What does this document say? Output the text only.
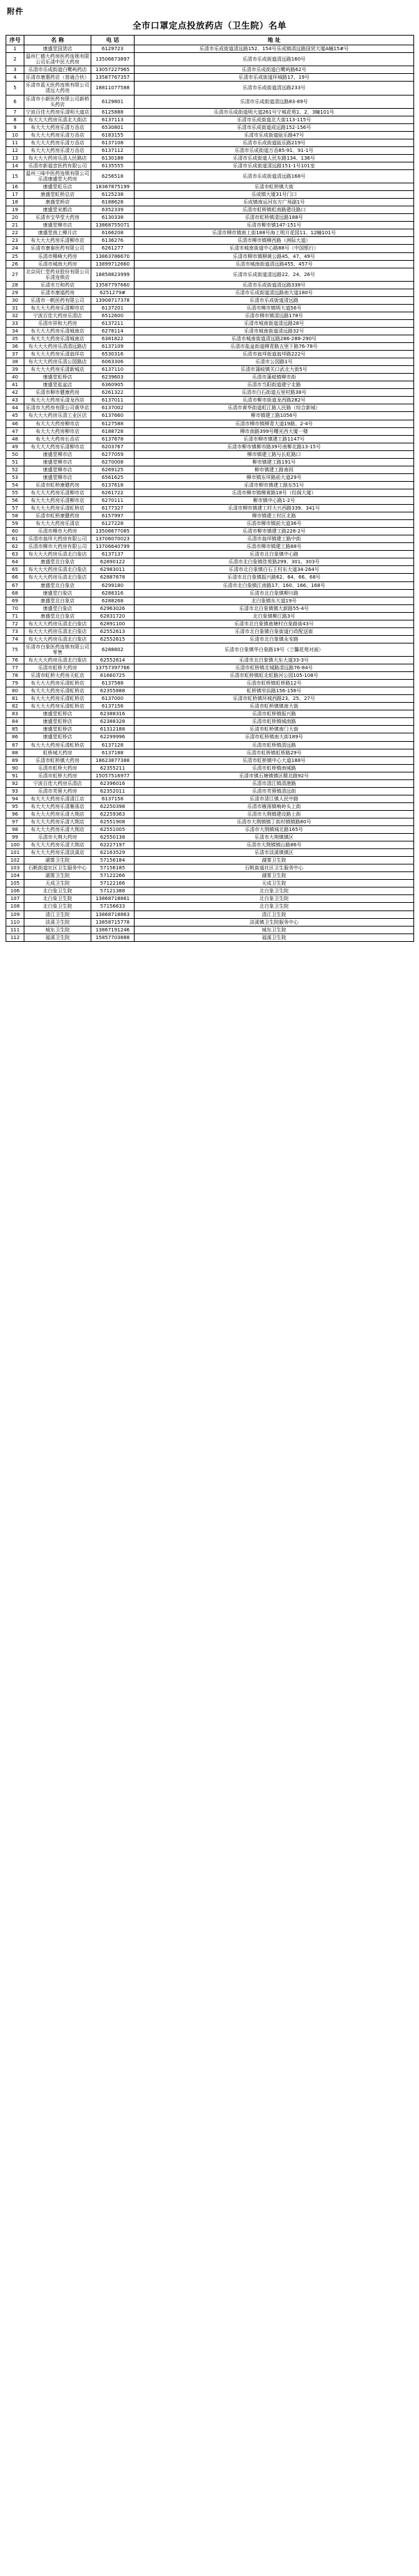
附件
全市口罩定点投放药店（卫生院）名单
序号	名 称	电 话	地 址
1	康盛堂国货店	6129723	乐清市乐成街道清远路152、154号乐成镇清远路国贸大厦A幢15#号
2	温州仁德大药房医药连锁有限公司乐清中民大药房	13506673897	乐清市乐成街道清远路160号
3	乐清市乐成街道白鹭屿药店	13057227965	乐清市乐成街道白鹭屿路62号
4	乐清市康惠药店（普通合伙）	13587767357	乐清市乐成街道环城路17、19号
5	乐清市蓝天医药连锁有限公司清远大药房	18811077588	乐清市乐成街道清远路233号
6	乐清市小新医药有限公司新桥头药店	6129801	乐清市乐成街道清远路83-89号
7	宁波百佳大药房乐清明大道店	6125888	乐清市乐成街道明大道261号宁城花苑1、2、3幢101号
8	布大大大药房乐清北大街店	6137113	乐清市乐成街道北大街113-115号
9	布大大大药房乐清万岙店	6530801	乐清市乐成街道成运路152-156号
10	布大大大药房乐清万岙店	6183155	乐清市乐成街道瓯乐路47号
11	布大大大药房乐清万岙店	6137108	乐清市乐成街道瓯乐路219号
12	布大大大药房乐清万岙店	6137112	乐清市乐成街道万岙85-91、91-1号
13	布大大大药房乐清人民路店	6130188	乐清市乐成街道人民东路134、136号
14	乐清市新福音医药有限公司	6135555	乐清市乐成街道清远路151-1号101室
15	温州三味中医药连锁有限公司乐清康盛堂大药房	6256518	乐清市乐成街道清远路168号
16	康盛堂虹乐店	18367875199	乐清市虹桥镇大街
17	康盛堂虹桥总店	6125238	乐成镇大厦31号门口
18	康盛堂桥店	6188628	乐成镇南运河东方广场副1号
19	康盛堂宋都店	6352339	乐清市虹桥镇虹南路建设路口
20	乐清市宝华堂大药房	6130338	乐清市虹桥镇清远路188号
21	康盛堂柳市店	13868755071	乐清市柳市镇147-151号
22	康盛堂南上柳月店	6166208	乐清市柳市镇南上街188号海上明月花园11、12幢101号
23	布大大大药房乐清柳市店	6136276	乐清市柳市镇柳西路（洲际大道）
24	乐清市康泰医药有限公司	6261277	乐清市城南街道中心路88号（中国银行）
25	乐清市柳峰大药房	13863786670	乐清市柳市镇柳黄公路45、47、49号
26	乐清市城南大药房	13899712660	乐清市城南街道清远路455、457号
27	北京同仁堂药业股份有限公司乐清连锁店	18858823999	乐清市乐成街道清远路22、24、26号
28	乐清市万和药店	13587797660	乐清市乐成街道清远路338号
29	乐清市康福药房	6251279#	乐清市乐成街道清远路南大道180号
30	乐清市一帆医药有限公司	13908717378	乐清市乐成街道清远路
31	布大大大药房乐清柳市店	6137201	乐清市柳市镇明大道56号
32	宁波百佳大药房乐清店	6512600	乐清市柳市镇清远路178号
33	乐清市祥和大药房	6137211	乐清市城南街道清远路28号
34	布大大大药房乐清城南店	6278114	乐清市城南街道清远路32号
35	布大大大药房乐清城南店	6381822	乐清市城南街道清远路286-288-290号
36	布大大大药房乐清清远路店	6137109	乐清市盐盆街道柳青路五里下路76-78号
37	布大大大药房乐清翁垟店	6530316	乐清市翁垟街道翁垟路222号
38	布大大大药房乐清公园路店	6063306	乐清市公园路1号
39	布大大大药房乐清新城店	6137110	乐清市蒲岐镇关口武北大街5号
40	康盛堂虹桥店	6239603	乐清市蒲岐镇柳市街
41	康盛堂盐盆店	6360905	乐清市当阳街道建宁北路
42	乐清市柳市健康药房	6261322	乐清市白石街道五里村路38号
43	布大大大药房乐清龙西店	6137011	乐清市柳市街道龙西路282号
44	乐清市大药房有限公司黄华店	6137002	乐清市黄华街道虹江路人民路（综合新城）
45	布大大大药房乐清工业区店	6137660	柳市镇建工路1056号
46	布大大大药房柳市店	6127588	乐清市柳市镇柳青大道19路、2-4号
47	布大大大药房柳市店	6188728	柳市南路399号曙光西大厦一楼
48	布大大大药房长岙店	6137678	乐清市柳市镇建工路1147号
49	布大大大药房乐清柳市店	6203767	乐清市柳市镇柳市路39号南柳北路13-15号
50	康盛堂柳市店	6277059	柳市镇建工路与长虹路口
51	康盛堂柳市店	6270008	柳市镇建工路191号
52	康盛堂柳市店	6269125	柳市镇建工路南段
53	康盛堂柳市店	6561625	柳市镇东垟路前大道29号
54	乐清市虹桥康健药房	6137618	乐清市柳市镇建工路东51号
55	布大大大药房乐清柳市店	6261722	乐清市柳市镇柳黄路18号（经阁大厦）
56	布大大大药房乐清柳市店	6270111	柳市镇中心路1-2号
57	布大大大药房乐清虹桥店	6177327	乐清市柳市镇建工村大兴西路339、341号
58	乐清市虹桥康健药房	6157997	柳市镇建工村区北路
59	布大大大药房乐清店	6127228	乐清市柳市镇前大道36号
60	乐清市柳市大药房	13506677085	乐清市柳市镇建工路228-2号
61	乐清市翁垟大药房有限公司	13706070023	乐清市翁垟镇建工路中街
62	乐清市柳市大药房有限公司	13706640799	乐清市柳市镇建工路88号
63	布大大大药房乐清北白象店	6137137	乐清市北白象镇中心路
64	康盛堂北白象店	62890122	乐清市北白象镇佳苑路299、301、303号
65	布大大大药房乐清北白象店	62983011	乐清市北白象镇白石王村东大道34-264号
66	布大大大药房乐清北白象店	62887678	乐清市北白象镇振兴路62、64、66、68号
67	康盛堂北白象店	6299180	乐清市北白象镇江南路17、160、166、168号
68	康盛堂白象店	6288316	乐清市北白象镇柳川路
69	康盛堂北白象店	6288268	北白象镇东大道19号
70	康盛堂白象店	62963026	乐清市北白象镇镇大新路55-4号
71	康盛堂北白象店	62831720	北白象镇柳江路3号
72	布大大大药房乐清北白象店	62891100	乐清市北白象镇南塘村白象路街43号
73	布大大大药房乐清北白象店	62552613	乐清市北白象镇白象街道行政配送街
74	布大大大药房乐清北白象店	62552615	乐清市北白象镇永安路
75	乐清市白象医药连锁有限公司零售	6288802	乐清市白象镇华白象路19号（兰馨花苑对面）
76	布大大大药房乐清北白象店	62552614	乐清市北白象镇大东大道33-3号
77	乐清市虹桥大药房	13757397766	乐清市虹桥镇北城路清远路76-84号
78	乐清市虹桥大药房天虹店	61660725	乐清市虹桥镇虹北虹路河公园105-108号
79	布大大大药房乐清虹桥店	6137588	乐清市虹桥镇虹桥路12号
80	布大大大药房乐清虹桥店	62355888	虹桥镇窄浜路156-158号
81	布大大大药房乐清虹桥店	6137000	乐清市虹桥镇环城西路23、25、27号
82	布大大大药房乐清虹桥店	6137156	乐清市虹桥镇镇南大街
83	康盛堂虹桥店	62388316	乐清市虹桥镇振兴路
84	康盛堂虹桥店	62388328	乐清市虹桥镇城南路
85	康盛堂虹桥店	61312188	乐清市虹桥镇南门大街
86	康盛堂虹桥店	62299996	乐清市虹桥镇南大街189号
87	布大大大药房乐清虹桥店	6137128	乐清市虹桥镇清远路
88	虹桥城大药房	6137188	乐清市虹桥镇虹桥路29号
89	乐清市虹桥镇大药房	18623877388	乐清市虹桥镇中心大道188号
90	乐清市虹桥大药房	62355211	乐清市虹桥镇南城路
91	乐清市虹桥大药房	15057516977	乐清市镇石塘镇镇区精北路92号
92	宁波百佳大药房乐清店	62396016	乐清市清江镇清港路
93	乐清市芙蓉大药房	62352011	乐清市芙蓉镇清远街
94	布大大大药房乐清清江店	6137158	乐清市清江镇人民中路
95	布大大大药房乐清雁荡店	62250398	乐清市雁荡镇响岭头上街
96	布大大大药房乐清大荆店	62259363	乐清市大荆镇建设路上街
97	布大大大药房乐清大荆店	62551908	乐清市大荆镇镇丁街村镇镇路80号
98	布大大大药房乐清大荆店	62551005	乐清市大荆镇城北路165号
99	乐清市大荆大药房	62550138	乐清市大荆镇镇区
100	布大大大药房乐清大荆店	62227197	乐清市大荆镇镇山路86号
101	布大大大药房乐清淡溪店	62163529	乐清市淡溪镇镇区
102	湖雾卫生院	57156184	湖雾卫生院
103	石帆街道社区卫生服务中心	57156185	石帆街道社区卫生服务中心
104	湖雾卫生院	57122266	湖雾卫生院
105	天成卫生院	57122166	天成卫生院
106	北白象卫生院	57121388	北白象卫生院
107	北白象卫生院	13868718861	北白象卫生院
108	北白象卫生院	57156633	北白象卫生院
109	清江卫生院	13868718863	清江卫生院
110	淡溪卫生院	13858715778	淡溪镇卫生院服务中心
111	城东卫生院	13867191246	城东卫生院
112	福溪卫生院	15857703888	福溪卫生院
